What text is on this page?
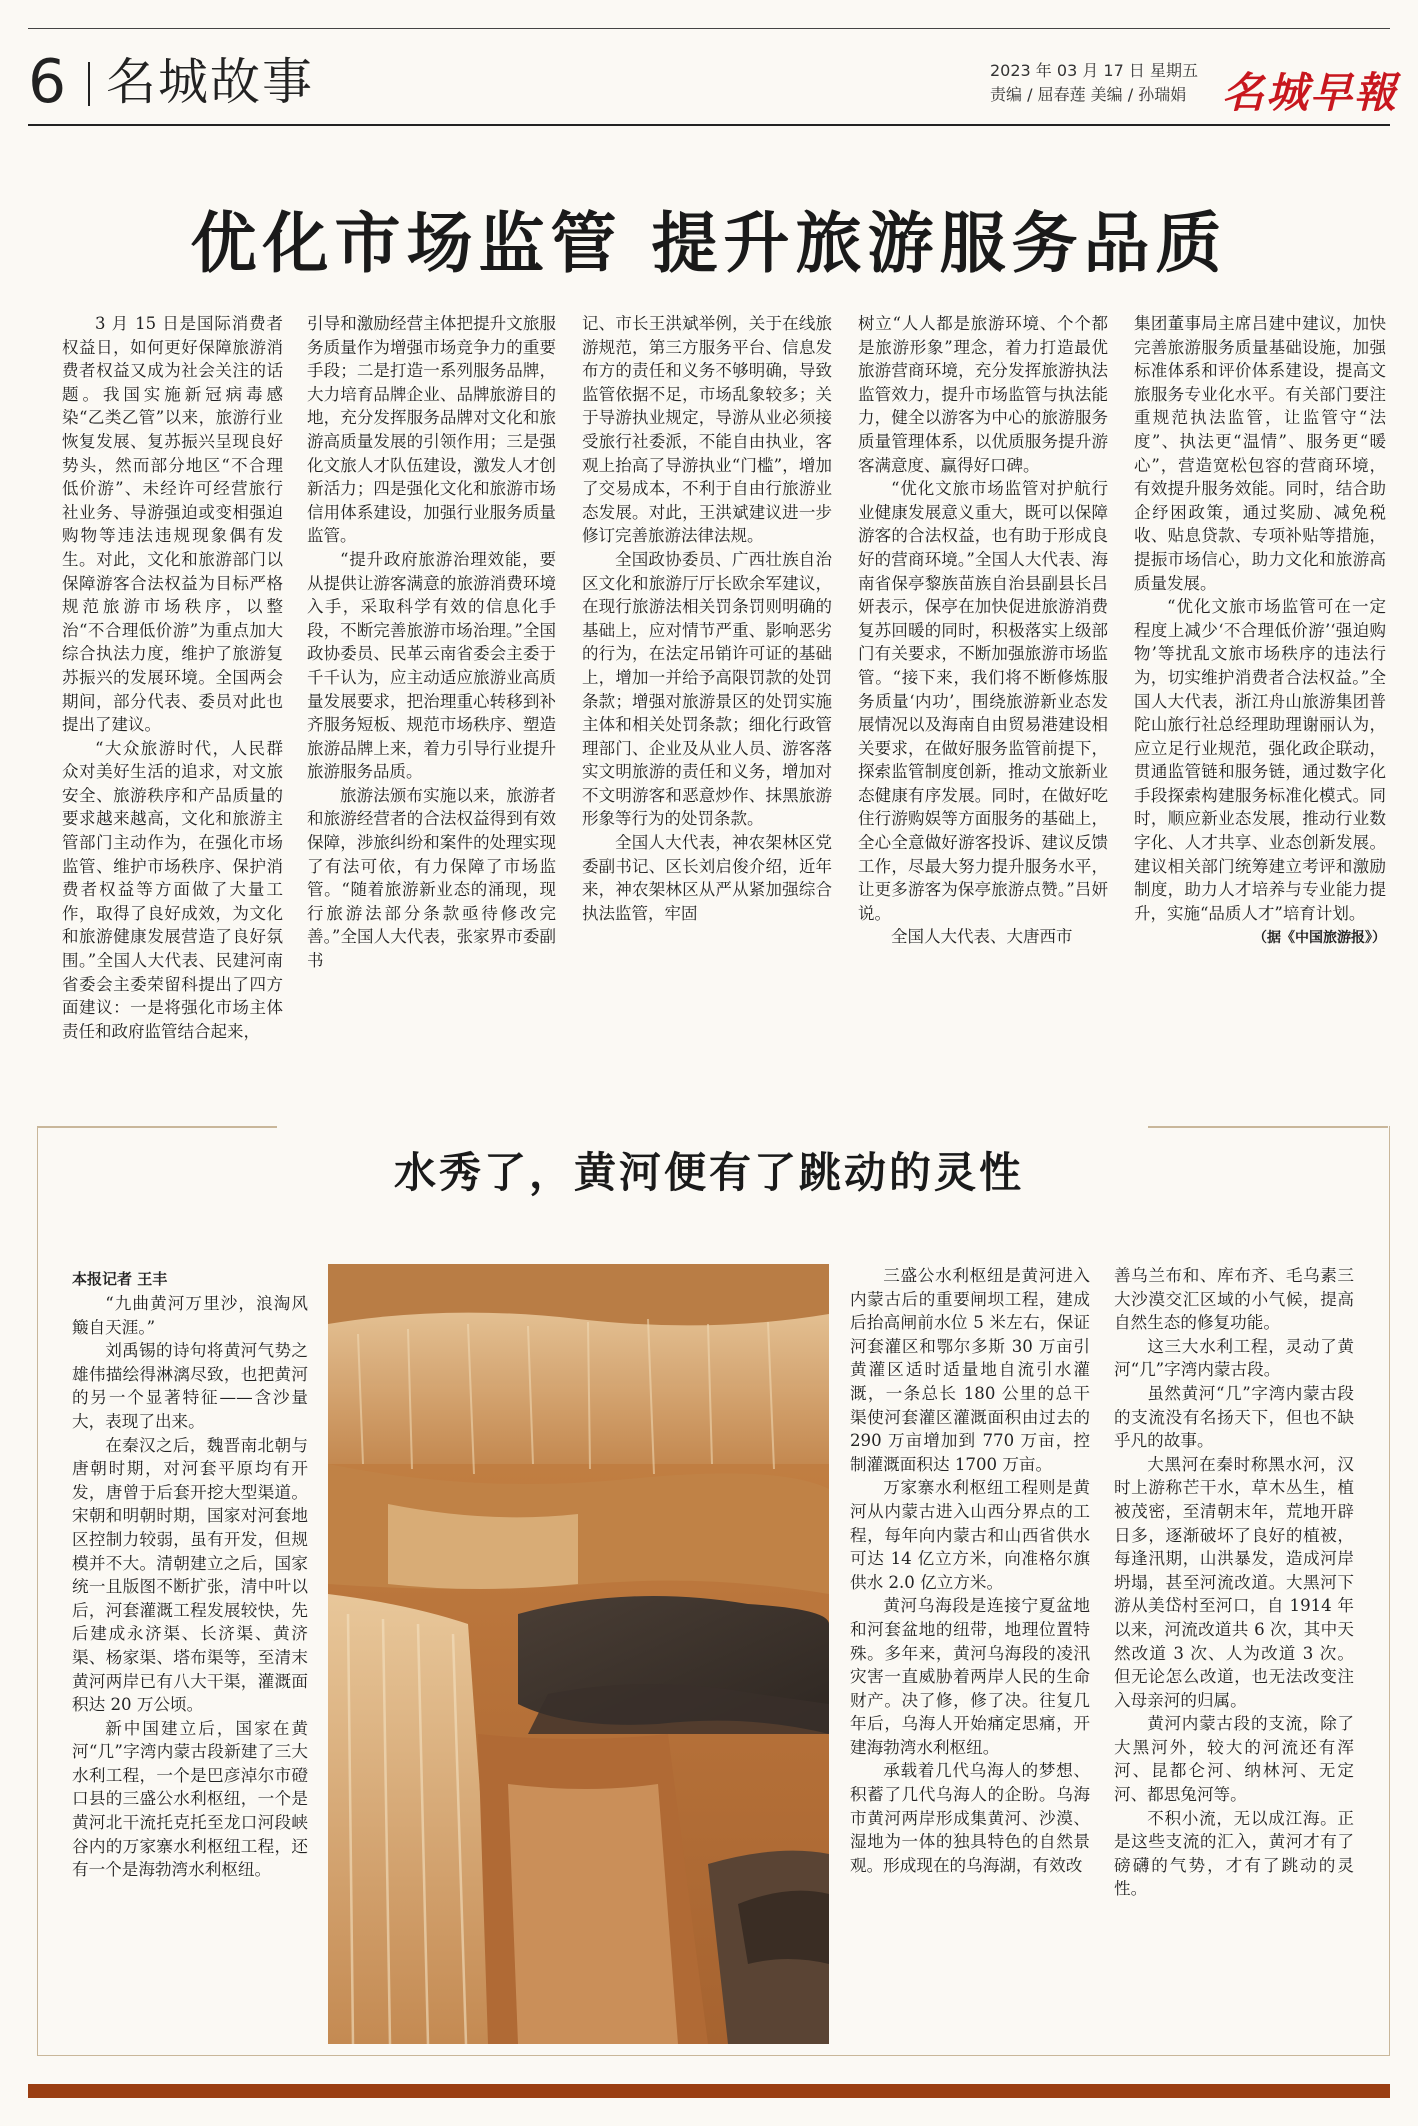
6 名城故事	2023 年 03 月 17 日 星期五
责编 / 屈春莲 美编 / 孙瑞娟 名城早報
优化市场监管 提升旅游服务品质

3 月 15 日是国际消费者权益日，如何更好保障旅游消费者权益又成为社会关注的话题。我国实施新冠病毒感染“乙类乙管”以来，旅游行业恢复发展、复苏振兴呈现良好势头，然而部分地区“不合理低价游”、未经许可经营旅行社业务、导游强迫或变相强迫购物等违法违规现象偶有发生。对此，文化和旅游部门以保障游客合法权益为目标严格规范旅游市场秩序，以整治“不合理低价游”为重点加大综合执法力度，维护了旅游复苏振兴的发展环境。全国两会期间，部分代表、委员对此也提出了建议。

“大众旅游时代，人民群众对美好生活的追求，对文旅安全、旅游秩序和产品质量的要求越来越高，文化和旅游主管部门主动作为，在强化市场监管、维护市场秩序、保护消费者权益等方面做了大量工作，取得了良好成效，为文化和旅游健康发展营造了良好氛围。”全国人大代表、民建河南省委会主委荣留科提出了四方面建议：一是将强化市场主体责任和政府监管结合起来，

引导和激励经营主体把提升文旅服务质量作为增强市场竞争力的重要手段；二是打造一系列服务品牌，大力培育品牌企业、品牌旅游目的地，充分发挥服务品牌对文化和旅游高质量发展的引领作用；三是强化文旅人才队伍建设，激发人才创新活力；四是强化文化和旅游市场信用体系建设，加强行业服务质量监管。

“提升政府旅游治理效能，要从提供让游客满意的旅游消费环境入手，采取科学有效的信息化手段，不断完善旅游市场治理。”全国政协委员、民革云南省委会主委于千千认为，应主动适应旅游业高质量发展要求，把治理重心转移到补齐服务短板、规范市场秩序、塑造旅游品牌上来，着力引导行业提升旅游服务品质。

旅游法颁布实施以来，旅游者和旅游经营者的合法权益得到有效保障，涉旅纠纷和案件的处理实现了有法可依，有力保障了市场监管。“随着旅游新业态的涌现，现行旅游法部分条款亟待修改完善。”全国人大代表，张家界市委副书

记、市长王洪斌举例，关于在线旅游规范，第三方服务平台、信息发布方的责任和义务不够明确，导致监管依据不足，市场乱象较多；关于导游执业规定，导游从业必须接受旅行社委派，不能自由执业，客观上抬高了导游执业“门槛”，增加了交易成本，不利于自由行旅游业态发展。对此，王洪斌建议进一步修订完善旅游法律法规。

全国政协委员、广西壮族自治区文化和旅游厅厅长欧余军建议，在现行旅游法相关罚条罚则明确的基础上，应对情节严重、影响恶劣的行为，在法定吊销许可证的基础上，增加一并给予高限罚款的处罚条款；增强对旅游景区的处罚实施主体和相关处罚条款；细化行政管理部门、企业及从业人员、游客落实文明旅游的责任和义务，增加对不文明游客和恶意炒作、抹黑旅游形象等行为的处罚条款。

全国人大代表，神农架林区党委副书记、区长刘启俊介绍，近年来，神农架林区从严从紧加强综合执法监管，牢固

树立“人人都是旅游环境、个个都是旅游形象”理念，着力打造最优旅游营商环境，充分发挥旅游执法监管效力，提升市场监管与执法能力，健全以游客为中心的旅游服务质量管理体系，以优质服务提升游客满意度、赢得好口碑。

“优化文旅市场监管对护航行业健康发展意义重大，既可以保障游客的合法权益，也有助于形成良好的营商环境。”全国人大代表、海南省保亭黎族苗族自治县副县长吕妍表示，保亭在加快促进旅游消费复苏回暖的同时，积极落实上级部门有关要求，不断加强旅游市场监管。“接下来，我们将不断修炼服务质量‘内功’，围绕旅游新业态发展情况以及海南自由贸易港建设相关要求，在做好服务监管前提下，探索监管制度创新，推动文旅新业态健康有序发展。同时，在做好吃住行游购娱等方面服务的基础上，全心全意做好游客投诉、建议反馈工作，尽最大努力提升服务水平，让更多游客为保亭旅游点赞。”吕妍说。

全国人大代表、大唐西市

集团董事局主席吕建中建议，加快完善旅游服务质量基础设施，加强标准体系和评价体系建设，提高文旅服务专业化水平。有关部门要注重规范执法监管，让监管守“法度”、执法更“温情”、服务更“暖心”，营造宽松包容的营商环境，有效提升服务效能。同时，结合助企纾困政策，通过奖励、减免税收、贴息贷款、专项补贴等措施，提振市场信心，助力文化和旅游高质量发展。

“优化文旅市场监管可在一定程度上减少‘不合理低价游’‘强迫购物’等扰乱文旅市场秩序的违法行为，切实维护消费者合法权益。”全国人大代表，浙江舟山旅游集团普陀山旅行社总经理助理谢丽认为，应立足行业规范，强化政企联动，贯通监管链和服务链，通过数字化手段探索构建服务标准化模式。同时，顺应新业态发展，推动行业数字化、人才共享、业态创新发展。建议相关部门统筹建立考评和激励制度，助力人才培养与专业能力提升，实施“品质人才”培育计划。

（据《中国旅游报》）

水秀了，黄河便有了跳动的灵性
本报记者 王丰

“九曲黄河万里沙，浪淘风簸自天涯。”

刘禹锡的诗句将黄河气势之雄伟描绘得淋漓尽致，也把黄河的另一个显著特征——含沙量大，表现了出来。

在秦汉之后，魏晋南北朝与唐朝时期，对河套平原均有开发，唐曾于后套开挖大型渠道。宋朝和明朝时期，国家对河套地区控制力较弱，虽有开发，但规模并不大。清朝建立之后，国家统一且版图不断扩张，清中叶以后，河套灌溉工程发展较快，先后建成永济渠、长济渠、黄济渠、杨家渠、塔布渠等，至清末黄河两岸已有八大干渠，灌溉面积达 20 万公顷。

新中国建立后，国家在黄河“几”字湾内蒙古段新建了三大水利工程，一个是巴彦淖尔市磴口县的三盛公水利枢纽，一个是黄河北干流托克托至龙口河段峡谷内的万家寨水利枢纽工程，还有一个是海勃湾水利枢纽。

三盛公水利枢纽是黄河进入内蒙古后的重要闸坝工程，建成后抬高闸前水位 5 米左右，保证河套灌区和鄂尔多斯 30 万亩引黄灌区适时适量地自流引水灌溉，一条总长 180 公里的总干渠使河套灌区灌溉面积由过去的 290 万亩增加到 770 万亩，控制灌溉面积达 1700 万亩。

万家寨水利枢纽工程则是黄河从内蒙古进入山西分界点的工程，每年向内蒙古和山西省供水可达 14 亿立方米，向准格尔旗供水 2.0 亿立方米。

黄河乌海段是连接宁夏盆地和河套盆地的纽带，地理位置特殊。多年来，黄河乌海段的凌汛灾害一直威胁着两岸人民的生命财产。决了修，修了决。往复几年后，乌海人开始痛定思痛，开建海勃湾水利枢纽。

承载着几代乌海人的梦想、积蓄了几代乌海人的企盼。乌海市黄河两岸形成集黄河、沙漠、湿地为一体的独具特色的自然景观。形成现在的乌海湖，有效改

善乌兰布和、库布齐、毛乌素三大沙漠交汇区域的小气候，提高自然生态的修复功能。

这三大水利工程，灵动了黄河“几”字湾内蒙古段。

虽然黄河“几”字湾内蒙古段的支流没有名扬天下，但也不缺乎凡的故事。

大黑河在秦时称黑水河，汉时上游称芒干水，草木丛生，植被茂密，至清朝末年，荒地开辟日多，逐渐破坏了良好的植被，每逢汛期，山洪暴发，造成河岸坍塌，甚至河流改道。大黑河下游从美岱村至河口，自 1914 年以来，河流改道共 6 次，其中天然改道 3 次、人为改道 3 次。但无论怎么改道，也无法改变注入母亲河的归属。

黄河内蒙古段的支流，除了大黑河外，较大的河流还有浑河、昆都仑河、纳林河、无定河、都思兔河等。

不积小流，无以成江海。正是这些支流的汇入，黄河才有了磅礴的气势，才有了跳动的灵性。
